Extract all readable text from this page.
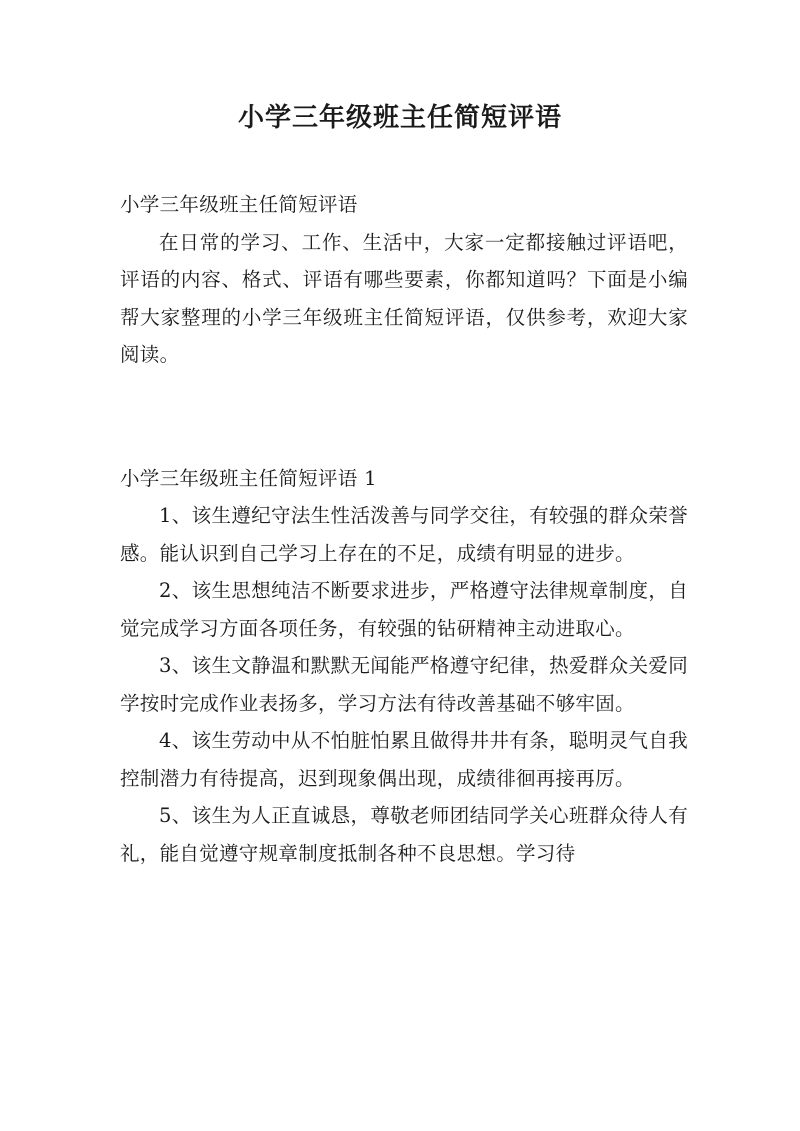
小学三年级班主任简短评语

小学三年级班主任简短评语

在日常的学习、工作、生活中，大家一定都接触过评语吧，评语的内容、格式、评语有哪些要素，你都知道吗？下面是小编帮大家整理的小学三年级班主任简短评语，仅供参考，欢迎大家阅读。

小学三年级班主任简短评语 1

1、该生遵纪守法生性活泼善与同学交往，有较强的群众荣誉感。能认识到自己学习上存在的不足，成绩有明显的进步。

2、该生思想纯洁不断要求进步，严格遵守法律规章制度，自觉完成学习方面各项任务，有较强的钻研精神主动进取心。

3、该生文静温和默默无闻能严格遵守纪律，热爱群众关爱同学按时完成作业表扬多，学习方法有待改善基础不够牢固。

4、该生劳动中从不怕脏怕累且做得井井有条，聪明灵气自我控制潜力有待提高，迟到现象偶出现，成绩徘徊再接再厉。

5、该生为人正直诚恳，尊敬老师团结同学关心班群众待人有礼，能自觉遵守规章制度抵制各种不良思想。学习待
